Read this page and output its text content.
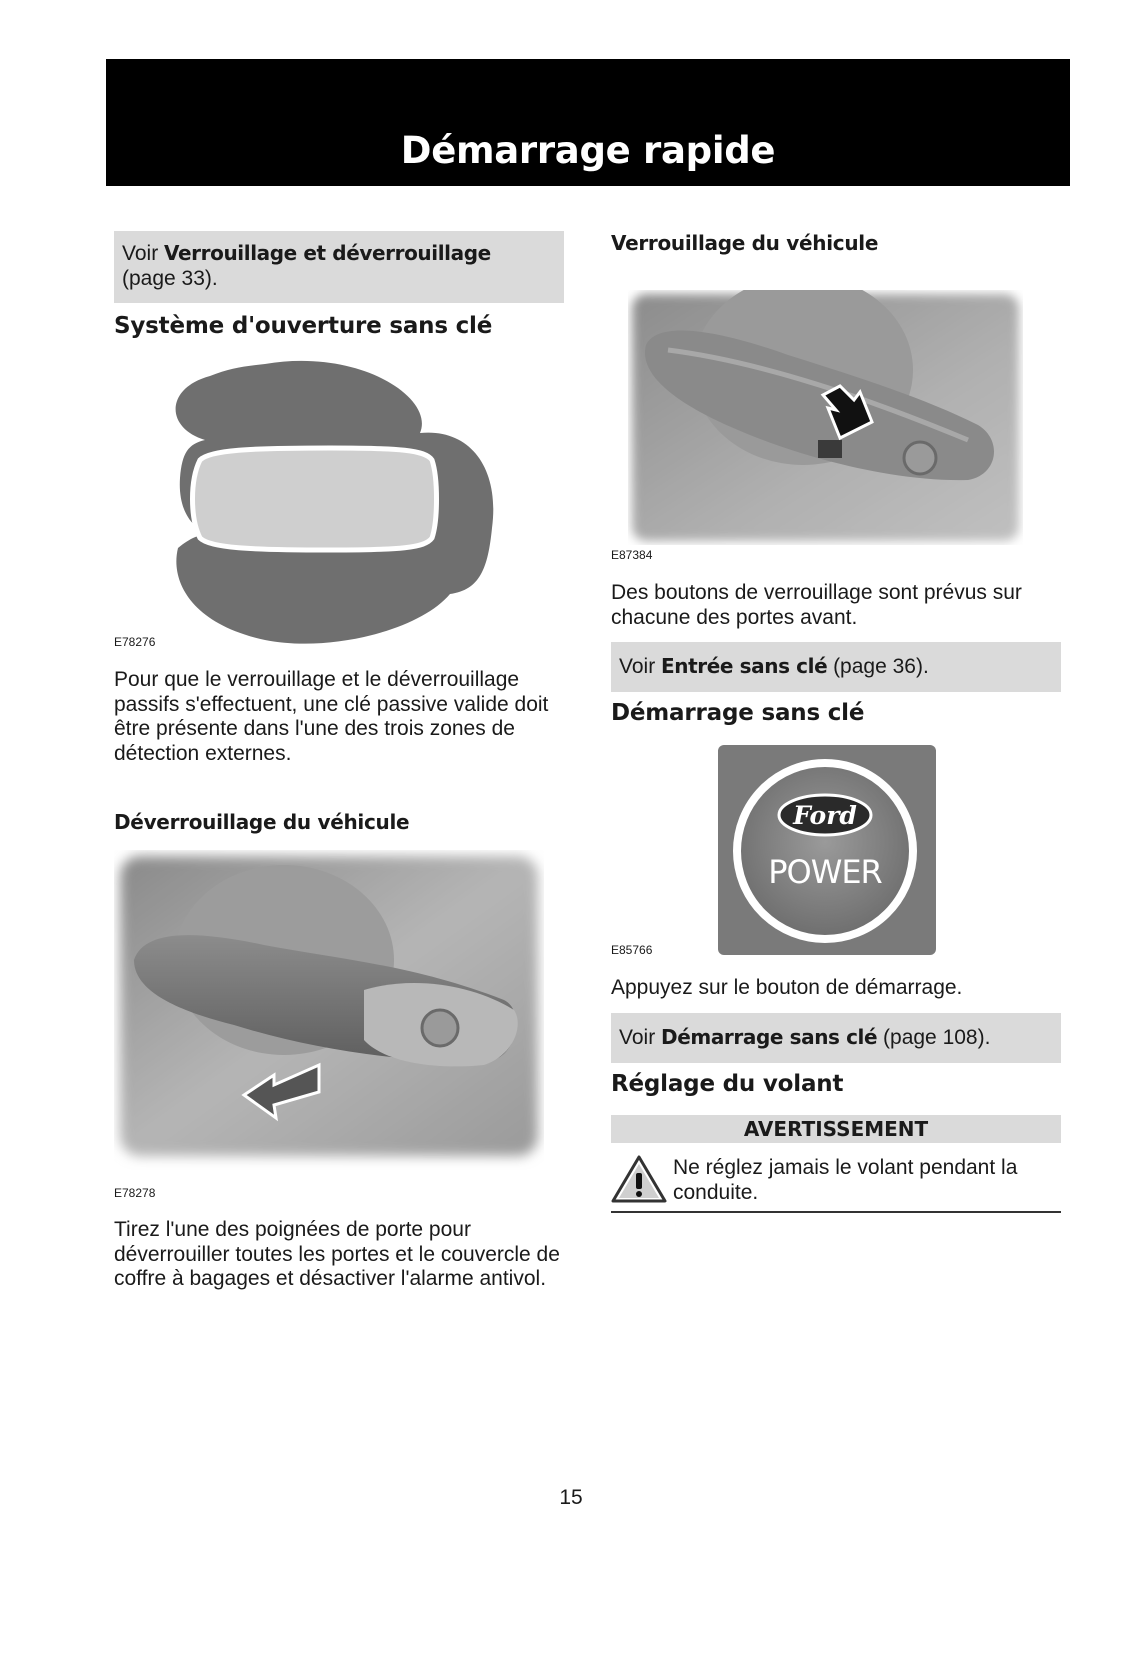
Démarrage rapide
Voir Verrouillage et déverrouillage
(page 33).

Système d'ouverture sans clé

E78276

Pour que le verrouillage et le déverrouillage passifs s'effectuent, une clé passive valide doit être présente dans l'une des trois zones de détection externes.

Déverrouillage du véhicule

E78278

Tirez l'une des poignées de porte pour déverrouiller toutes les portes et le couvercle de coffre à bagages et désactiver l'alarme antivol.

Verrouillage du véhicule

E87384

Des boutons de verrouillage sont prévus sur chacune des portes avant.

Voir Entrée sans clé (page 36).

Démarrage sans clé

Ford
POWER
E85766

Appuyez sur le bouton de démarrage.

Voir Démarrage sans clé (page 108).

Réglage du volant

AVERTISSEMENT

Ne réglez jamais le volant pendant la conduite.

15
